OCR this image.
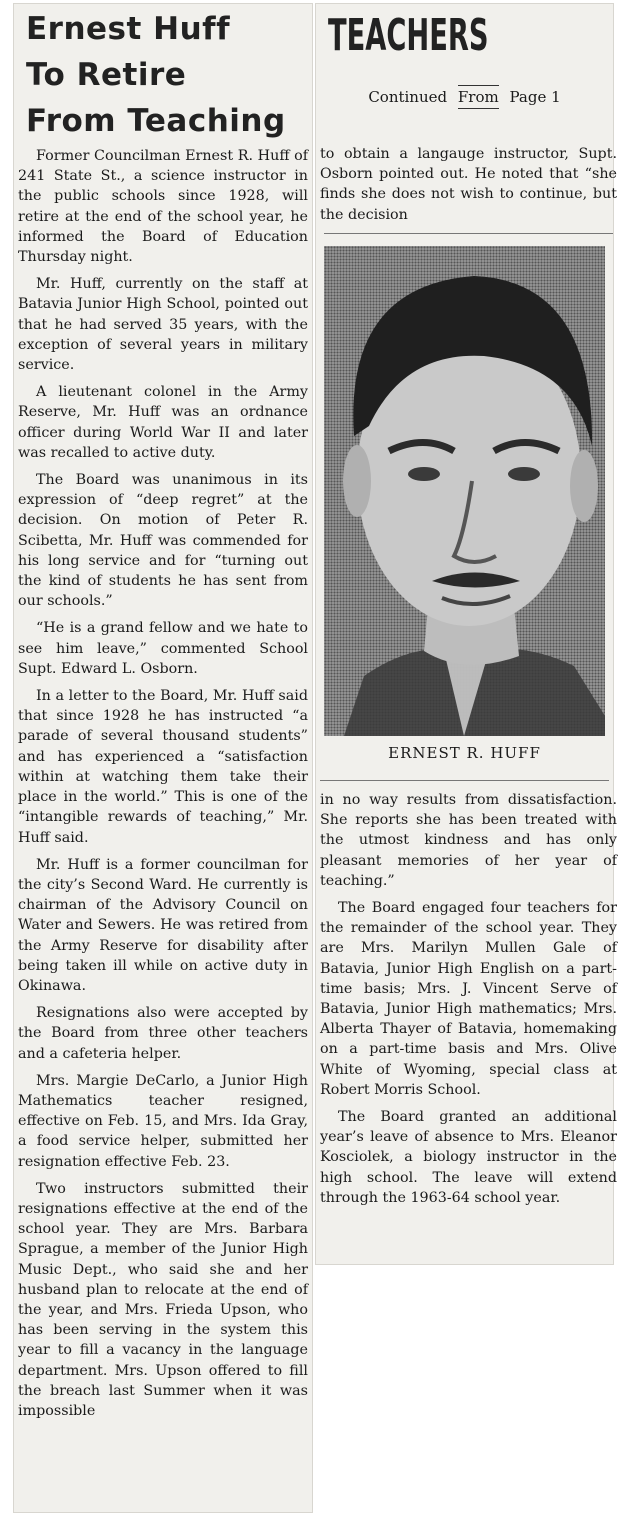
Ernest Huff
To Retire
From Teaching

Former Councilman Ernest R. Huff of 241 State St., a science instructor in the public schools since 1928, will retire at the end of the school year, he informed the Board of Education Thursday night.

Mr. Huff, currently on the staff at Batavia Junior High School, pointed out that he had served 35 years, with the exception of several years in military service.

A lieutenant colonel in the Army Reserve, Mr. Huff was an ordnance officer during World War II and later was recalled to active duty.

The Board was unanimous in its expression of “deep regret” at the decision. On motion of Peter R. Scibetta, Mr. Huff was commended for his long service and for “turning out the kind of students he has sent from our schools.”

“He is a grand fellow and we hate to see him leave,” commented School Supt. Edward L. Osborn.

In a letter to the Board, Mr. Huff said that since 1928 he has instructed “a parade of several thousand students” and has experienced a “satisfaction within at watching them take their place in the world.” This is one of the “intangible rewards of teaching,” Mr. Huff said.

Mr. Huff is a former councilman for the city’s Second Ward. He currently is chairman of the Advisory Council on Water and Sewers. He was retired from the Army Reserve for disability after being taken ill while on active duty in Okinawa.

Resignations also were accepted by the Board from three other teachers and a cafeteria helper.

Mrs. Margie DeCarlo, a Junior High Mathematics teacher resigned, effective on Feb. 15, and Mrs. Ida Gray, a food service helper, submitted her resignation effective Feb. 23.

Two instructors submitted their resignations effective at the end of the school year. They are Mrs. Barbara Sprague, a member of the Junior High Music Dept., who said she and her husband plan to relocate at the end of the year, and Mrs. Frieda Upson, who has been serving in the system this year to fill a vacancy in the language department. Mrs. Upson offered to fill the breach last Summer when it was impossible

TEACHERS
Continued From Page 1

to obtain a langauge instructor, Supt. Osborn pointed out. He noted that “she finds she does not wish to continue, but the decision

ERNEST R. HUFF

in no way results from dissatisfaction. She reports she has been treated with the utmost kindness and has only pleasant memories of her year of teaching.”

The Board engaged four teachers for the remainder of the school year. They are Mrs. Marilyn Mullen Gale of Batavia, Junior High English on a part-time basis; Mrs. J. Vincent Serve of Batavia, Junior High mathematics; Mrs. Alberta Thayer of Batavia, homemaking on a part-time basis and Mrs. Olive White of Wyoming, special class at Robert Morris School.

The Board granted an additional year’s leave of absence to Mrs. Eleanor Kosciolek, a biology instructor in the high school. The leave will extend through the 1963-64 school year.
